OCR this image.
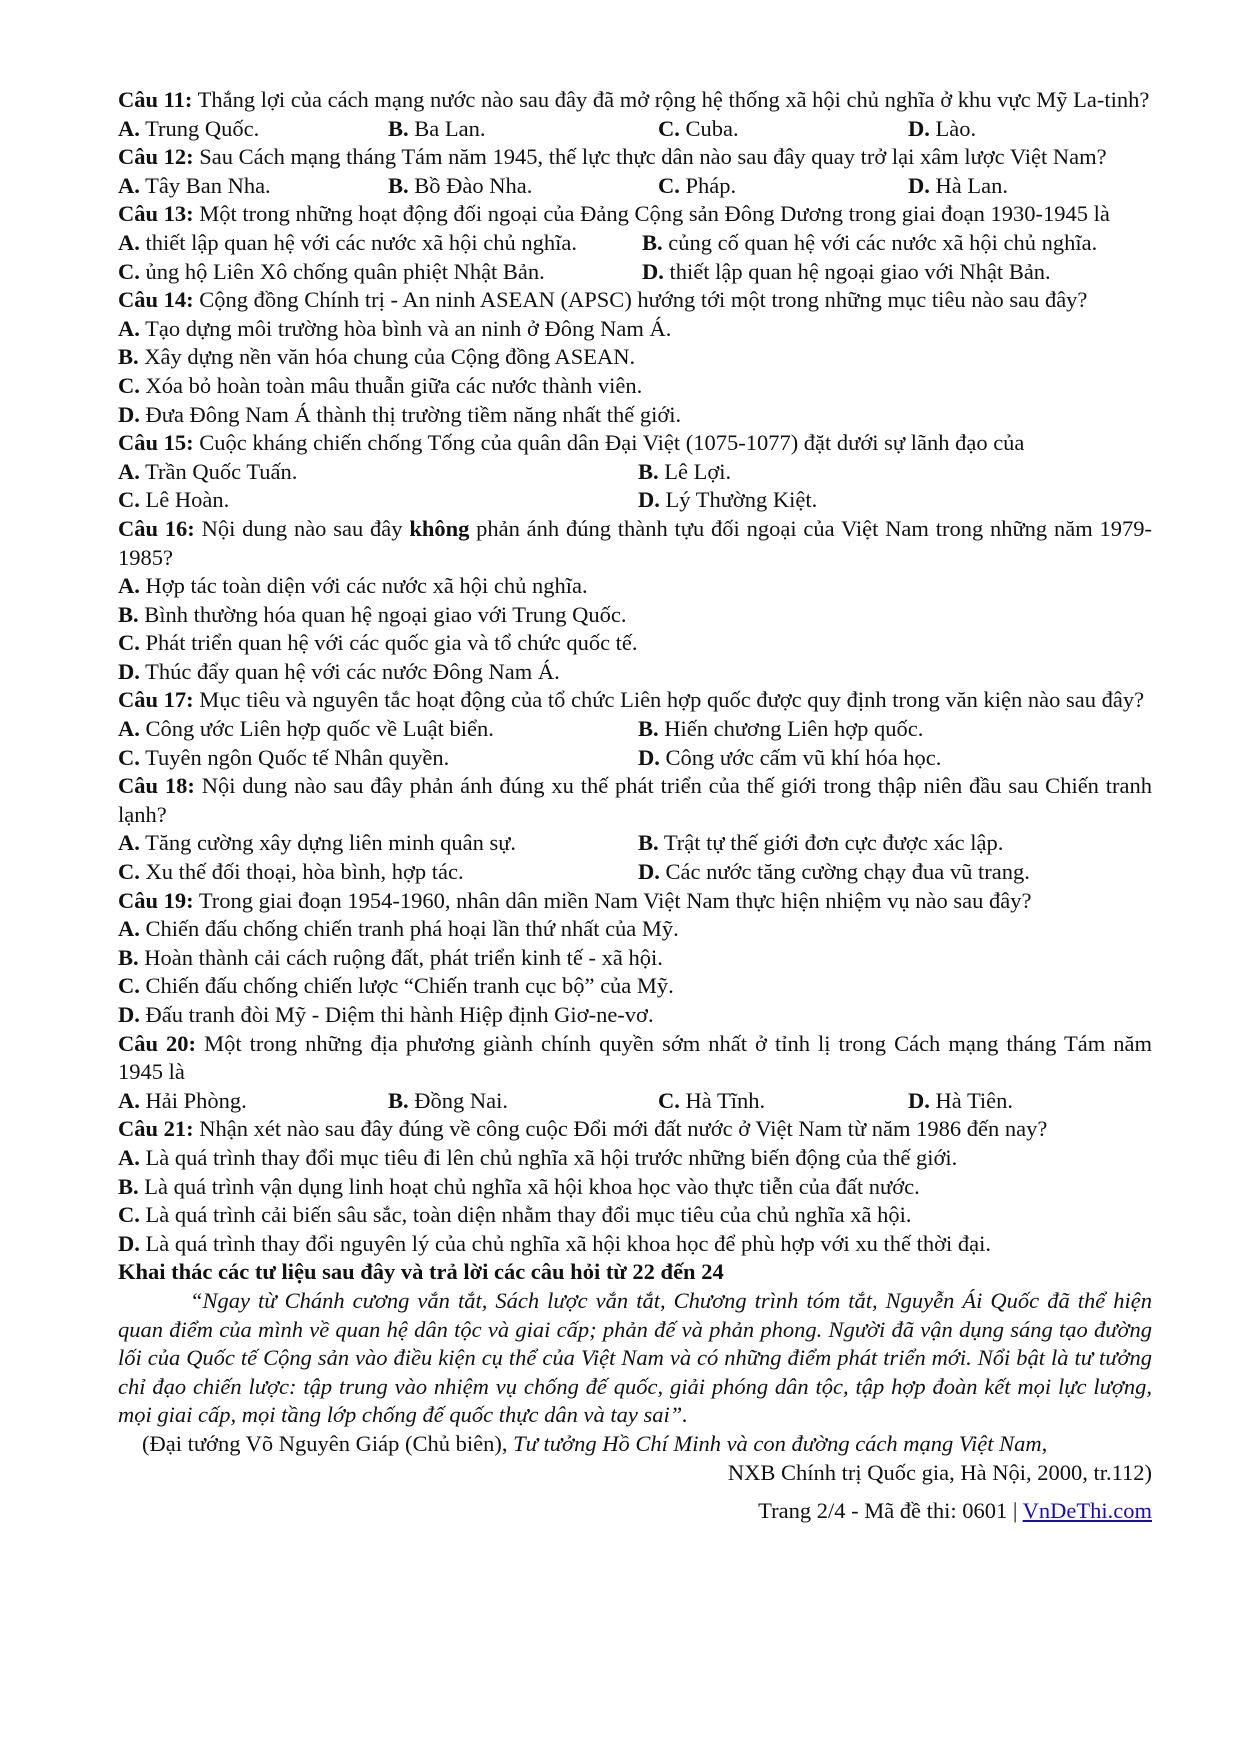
Câu 11: Thắng lợi của cách mạng nước nào sau đây đã mở rộng hệ thống xã hội chủ nghĩa ở khu vực Mỹ La-tinh?

A. Trung Quốc.	B. Ba Lan.	C. Cuba.	D. Lào.

Câu 12: Sau Cách mạng tháng Tám năm 1945, thế lực thực dân nào sau đây quay trở lại xâm lược Việt Nam?

A. Tây Ban Nha.	B. Bồ Đào Nha.	C. Pháp.	D. Hà Lan.

Câu 13: Một trong những hoạt động đối ngoại của Đảng Cộng sản Đông Dương trong giai đoạn 1930-1945 là

A. thiết lập quan hệ với các nước xã hội chủ nghĩa.	B. củng cố quan hệ với các nước xã hội chủ nghĩa.
C. ủng hộ Liên Xô chống quân phiệt Nhật Bản.	D. thiết lập quan hệ ngoại giao với Nhật Bản.

Câu 14: Cộng đồng Chính trị - An ninh ASEAN (APSC) hướng tới một trong những mục tiêu nào sau đây?

A. Tạo dựng môi trường hòa bình và an ninh ở Đông Nam Á.
B. Xây dựng nền văn hóa chung của Cộng đồng ASEAN.
C. Xóa bỏ hoàn toàn mâu thuẫn giữa các nước thành viên.
D. Đưa Đông Nam Á thành thị trường tiềm năng nhất thế giới.

Câu 15: Cuộc kháng chiến chống Tống của quân dân Đại Việt (1075-1077) đặt dưới sự lãnh đạo của

A. Trần Quốc Tuấn.	B. Lê Lợi.
C. Lê Hoàn.	D. Lý Thường Kiệt.

Câu 16: Nội dung nào sau đây không phản ánh đúng thành tựu đối ngoại của Việt Nam trong những năm 1979-1985?

A. Hợp tác toàn diện với các nước xã hội chủ nghĩa.
B. Bình thường hóa quan hệ ngoại giao với Trung Quốc.
C. Phát triển quan hệ với các quốc gia và tổ chức quốc tế.
D. Thúc đẩy quan hệ với các nước Đông Nam Á.

Câu 17: Mục tiêu và nguyên tắc hoạt động của tổ chức Liên hợp quốc được quy định trong văn kiện nào sau đây?

A. Công ước Liên hợp quốc về Luật biển.	B. Hiến chương Liên hợp quốc.
C. Tuyên ngôn Quốc tế Nhân quyền.	D. Công ước cấm vũ khí hóa học.

Câu 18: Nội dung nào sau đây phản ánh đúng xu thế phát triển của thế giới trong thập niên đầu sau Chiến tranh lạnh?

A. Tăng cường xây dựng liên minh quân sự.	B. Trật tự thế giới đơn cực được xác lập.
C. Xu thế đối thoại, hòa bình, hợp tác.	D. Các nước tăng cường chạy đua vũ trang.

Câu 19: Trong giai đoạn 1954-1960, nhân dân miền Nam Việt Nam thực hiện nhiệm vụ nào sau đây?

A. Chiến đấu chống chiến tranh phá hoại lần thứ nhất của Mỹ.
B. Hoàn thành cải cách ruộng đất, phát triển kinh tế - xã hội.
C. Chiến đấu chống chiến lược “Chiến tranh cục bộ” của Mỹ.
D. Đấu tranh đòi Mỹ - Diệm thi hành Hiệp định Giơ-ne-vơ.

Câu 20: Một trong những địa phương giành chính quyền sớm nhất ở tỉnh lị trong Cách mạng tháng Tám năm 1945 là

A. Hải Phòng.	B. Đồng Nai.	C. Hà Tĩnh.	D. Hà Tiên.

Câu 21: Nhận xét nào sau đây đúng về công cuộc Đổi mới đất nước ở Việt Nam từ năm 1986 đến nay?

A. Là quá trình thay đổi mục tiêu đi lên chủ nghĩa xã hội trước những biến động của thế giới.
B. Là quá trình vận dụng linh hoạt chủ nghĩa xã hội khoa học vào thực tiễn của đất nước.
C. Là quá trình cải biến sâu sắc, toàn diện nhằm thay đổi mục tiêu của chủ nghĩa xã hội.
D. Là quá trình thay đổi nguyên lý của chủ nghĩa xã hội khoa học để phù hợp với xu thế thời đại.
Khai thác các tư liệu sau đây và trả lời các câu hỏi từ 22 đến 24

“Ngay từ Chánh cương vắn tắt, Sách lược vắn tắt, Chương trình tóm tắt, Nguyễn Ái Quốc đã thể hiện quan điểm của mình về quan hệ dân tộc và giai cấp; phản đế và phản phong. Người đã vận dụng sáng tạo đường lối của Quốc tế Cộng sản vào điều kiện cụ thể của Việt Nam và có những điểm phát triển mới. Nổi bật là tư tưởng chỉ đạo chiến lược: tập trung vào nhiệm vụ chống đế quốc, giải phóng dân tộc, tập hợp đoàn kết mọi lực lượng, mọi giai cấp, mọi tầng lớp chống đế quốc thực dân và tay sai”.

(Đại tướng Võ Nguyên Giáp (Chủ biên), Tư tưởng Hồ Chí Minh và con đường cách mạng Việt Nam,

NXB Chính trị Quốc gia, Hà Nội, 2000, tr.112)

Trang 2/4 - Mã đề thi: 0601 | VnDeThi.com
